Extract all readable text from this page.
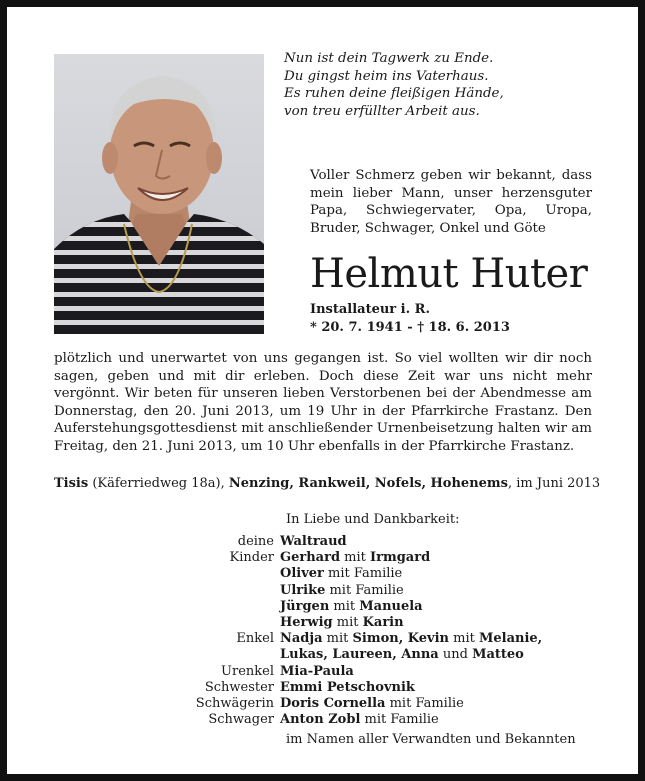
Nun ist dein Tagwerk zu Ende.
Du gingst heim ins Vaterhaus.
Es ruhen deine fleißigen Hände,
von treu erfüllter Arbeit aus.
Voller Schmerz geben wir bekannt, dass mein lieber Mann, unser herzensguter Papa, Schwiegervater, Opa, Uropa, Bruder, Schwager, Onkel und Göte
Helmut Huter
Installateur i. R.
* 20. 7. 1941 - † 18. 6. 2013
plötzlich und unerwartet von uns gegangen ist. So viel wollten wir dir noch sagen, geben und mit dir erleben. Doch diese Zeit war uns nicht mehr vergönnt. Wir beten für unseren lieben Verstorbenen bei der Abendmesse am Donnerstag, den 20. Juni 2013, um 19 Uhr in der Pfarrkirche Frastanz. Den Auferstehungsgottesdienst mit anschließender Urnenbeisetzung halten wir am Freitag, den 21. Juni 2013, um 10 Uhr ebenfalls in der Pfarrkirche Frastanz.
Tisis (Käferriedweg 18a), Nenzing, Rankweil, Nofels, Hohenems, im Juni 2013
In Liebe und Dankbarkeit:
deine Waltraud
Kinder Gerhard mit Irmgard
Oliver mit Familie
Ulrike mit Familie
Jürgen mit Manuela
Herwig mit Karin
Enkel Nadja mit Simon, Kevin mit Melanie,
Lukas, Laureen, Anna und Matteo
Urenkel Mia-Paula
Schwester Emmi Petschovnik
Schwägerin Doris Cornella mit Familie
Schwager Anton Zobl mit Familie
im Namen aller Verwandten und Bekannten
